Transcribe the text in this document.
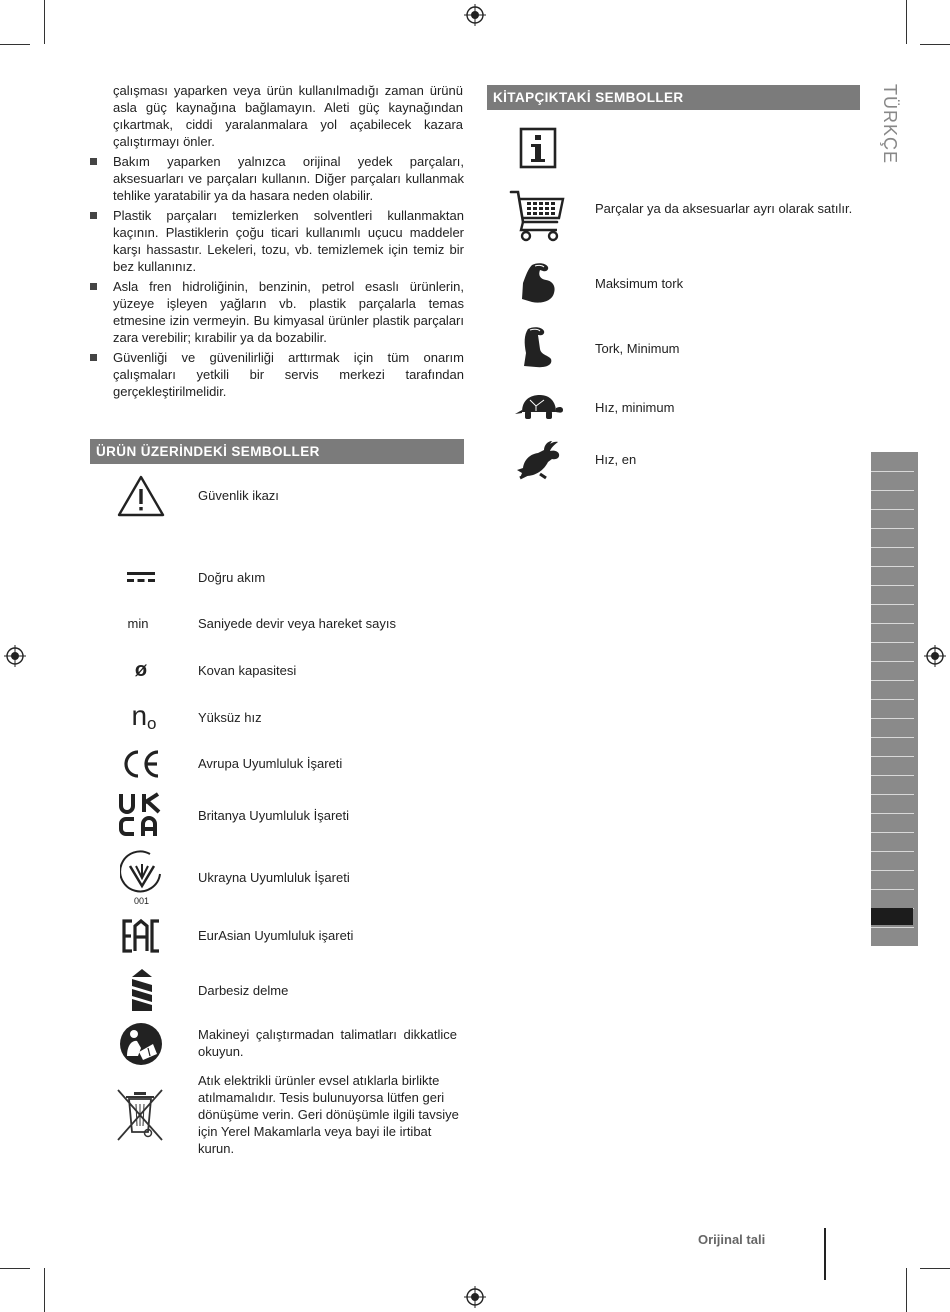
çalışması yaparken veya ürün kullanılmadığı zaman ürünü asla güç kaynağına bağlamayın. Aleti güç kaynağından çıkartmak, ciddi yaralanmalara yol açabilecek kazara çalıştırmayı önler.

Bakım yaparken yalnızca orijinal yedek parçaları, aksesuarları ve parçaları kullanın. Diğer parçaları kullanmak tehlike yaratabilir ya da hasara neden olabilir.
Plastik parçaları temizlerken solventleri kullanmaktan kaçının. Plastiklerin çoğu ticari kullanımlı uçucu maddeler karşı hassastır. Lekeleri, tozu, vb. temizlemek için temiz bir bez kullanınız.
Asla fren hidroliğinin, benzinin, petrol esaslı ürünlerin, yüzeye işleyen yağların vb. plastik parçalarla temas etmesine izin vermeyin. Bu kimyasal ürünler plastik parçaları zara verebilir; kırabilir ya da bozabilir.
Güvenliği ve güvenilirliği arttırmak için tüm onarım çalışmaları yetkili bir servis merkezi tarafından gerçekleştirilmelidir.
ÜRÜN ÜZERİNDEKİ SEMBOLLER
Güvenlik ikazı
Doğru akım
min	Saniyede devir veya hareket sayıs
ø	Kovan kapasitesi
n o	Yüksüz hız
Avrupa Uyumluluk İşareti
Britanya Uyumluluk İşareti
001
Ukrayna Uyumluluk İşareti
EurAsian Uyumluluk işareti
Darbesiz delme
Makineyi çalıştırmadan talimatları dikkatlice okuyun.
Atık elektrikli ürünler evsel atıklarla birlikte atılmamalıdır. Tesis bulunuyorsa lütfen geri dönüşüme verin. Geri dönüşümle ilgili tavsiye için Yerel Makamlarla veya bayi ile irtibat kurun.
KİTAPÇIKTAKİ SEMBOLLER
Parçalar ya da aksesuarlar ayrı olarak satılır.
Maksimum tork
Tork, Minimum
Hız, minimum
Hız, en
TÜRKÇE
Orijinal tali
